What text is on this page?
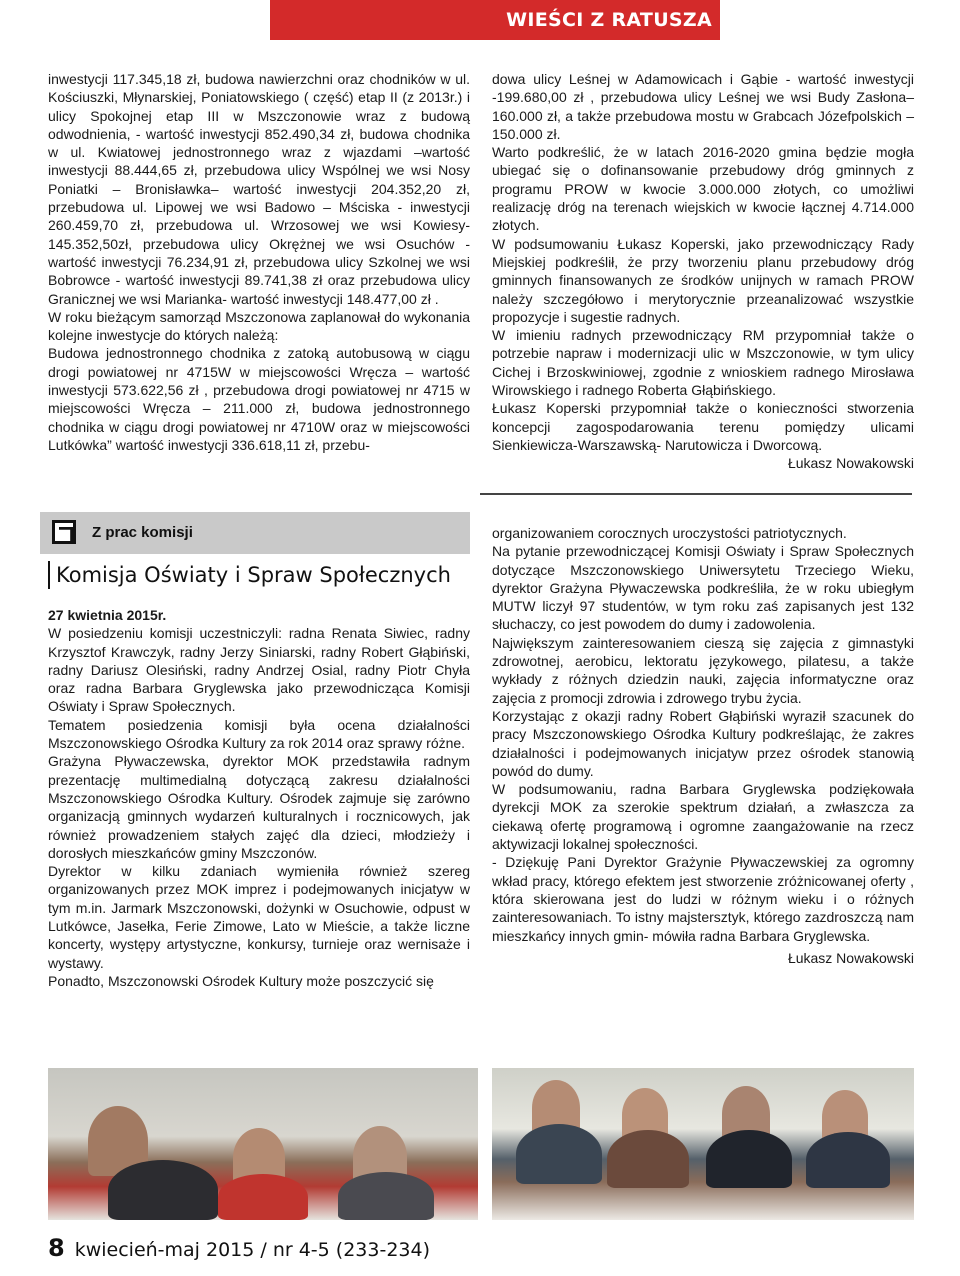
WIEŚCI Z RATUSZA

inwestycji 117.345,18 zł, budowa nawierzchni oraz chodników w ul. Kościuszki, Młynarskiej, Poniatowskiego ( część) etap II (z 2013r.) i ulicy Spokojnej etap III w Mszczonowie wraz z budową odwodnienia, - wartość inwestycji 852.490,34 zł, budowa chodnika w ul. Kwiatowej jednostronnego wraz z wjazdami –wartość inwestycji 88.444,65 zł, przebudowa ulicy Wspólnej we wsi Nosy Poniatki – Bronisławka– wartość inwestycji 204.352,20 zł, przebudowa ul. Lipowej we wsi Badowo – Mściska - inwestycji 260.459,70 zł, przebudowa ul. Wrzosowej we wsi Kowiesy-145.352,50zł, przebudowa ulicy Okrężnej we wsi Osuchów - wartość inwestycji 76.234,91 zł, przebudowa ulicy Szkolnej we wsi Bobrowce - wartość inwestycji 89.741,38 zł oraz przebudowa ulicy Granicznej we wsi Marianka- wartość inwestycji 148.477,00 zł .

W roku bieżącym samorząd Mszczonowa zaplanował do wykonania kolejne inwestycje do których należą:

Budowa jednostronnego chodnika z zatoką autobusową w ciągu drogi powiatowej nr 4715W w miejscowości Wręcza – wartość inwestycji 573.622,56 zł , przebudowa drogi powiatowej nr 4715 w miejscowości Wręcza – 211.000 zł, budowa jednostronnego chodnika w ciągu drogi powiatowej nr 4710W oraz w miejscowości Lutkówka” wartość inwestycji 336.618,11 zł, przebu-

dowa ulicy Leśnej w Adamowicach i Gąbie - wartość inwestycji -199.680,00 zł , przebudowa ulicy Leśnej we wsi Budy Zasłona– 160.000 zł, a także przebudowa mostu w Grabcach Józefpolskich – 150.000 zł.

Warto podkreślić, że w latach 2016-2020 gmina będzie mogła ubiegać się o dofinansowanie przebudowy dróg gminnych z programu PROW w kwocie 3.000.000 złotych, co umożliwi realizację dróg na terenach wiejskich w kwocie łącznej 4.714.000 złotych.

W podsumowaniu Łukasz Koperski, jako przewodniczący Rady Miejskiej podkreślił, że przy tworzeniu planu przebudowy dróg gminnych finansowanych ze środków unijnych w ramach PROW należy szczegółowo i merytorycznie przeanalizować wszystkie propozycje i sugestie radnych.

W imieniu radnych przewodniczący RM przypomniał także o potrzebie napraw i modernizacji ulic w Mszczonowie, w tym ulicy Cichej i Brzoskwiniowej, zgodnie z wnioskiem radnego Mirosława Wirowskiego i radnego Roberta Głąbińskiego.

Łukasz Koperski przypomniał także o konieczności stworzenia koncepcji zagospodarowania terenu pomiędzy ulicami Sienkiewicza-Warszawską- Narutowicza i Dworcową.

Łukasz Nowakowski

Z prac komisji
Komisja Oświaty i Spraw Społecznych

27 kwietnia 2015r.

W posiedzeniu komisji uczestniczyli: radna Renata Siwiec, radny Krzysztof Krawczyk, radny Jerzy Siniarski, radny Robert Głąbiński, radny Dariusz Olesiński, radny Andrzej Osial, radny Piotr Chyła oraz radna Barbara Gryglewska jako przewodnicząca Komisji Oświaty i Spraw Społecznych.

Tematem posiedzenia komisji była ocena działalności Mszczonowskiego Ośrodka Kultury za rok 2014 oraz sprawy różne.

Grażyna Pływaczewska, dyrektor MOK przedstawiła radnym prezentację multimedialną dotyczącą zakresu działalności Mszczonowskiego Ośrodka Kultury. Ośrodek zajmuje się zarówno organizacją gminnych wydarzeń kulturalnych i rocznicowych, jak również prowadzeniem stałych zajęć dla dzieci, młodzieży i dorosłych mieszkańców gminy Mszczonów.

Dyrektor w kilku zdaniach wymieniła również szereg organizowanych przez MOK imprez i podejmowanych inicjatyw w tym m.in. Jarmark Mszczonowski, dożynki w Osuchowie, odpust w Lutkówce, Jasełka, Ferie Zimowe, Lato w Mieście, a także liczne koncerty, występy artystyczne, konkursy, turnieje oraz wernisaże i wystawy.

Ponadto, Mszczonowski Ośrodek Kultury może poszczycić się

organizowaniem corocznych uroczystości patriotycznych.

Na pytanie przewodniczącej Komisji Oświaty i Spraw Społecznych dotyczące Mszczonowskiego Uniwersytetu Trzeciego Wieku, dyrektor Grażyna Pływaczewska podkreśliła, że w roku ubiegłym MUTW liczył 97 studentów, w tym roku zaś zapisanych jest 132 słuchaczy, co jest powodem do dumy i zadowolenia.

Największym zainteresowaniem cieszą się zajęcia z gimnastyki zdrowotnej, aerobicu, lektoratu językowego, pilatesu, a także wykłady z różnych dziedzin nauki, zajęcia informatyczne oraz zajęcia z promocji zdrowia i zdrowego trybu życia.

Korzystając z okazji radny Robert Głąbiński wyraził szacunek do pracy Mszczonowskiego Ośrodka Kultury podkreślając, że zakres działalności i podejmowanych inicjatyw przez ośrodek stanowią powód do dumy.

W podsumowaniu, radna Barbara Gryglewska podziękowała dyrekcji MOK za szerokie spektrum działań, a zwłaszcza za ciekawą ofertę programową i ogromne zaangażowanie na rzecz aktywizacji lokalnej społeczności.

- Dziękuję Pani Dyrektor Grażynie Pływaczewskiej za ogromny wkład pracy, którego efektem jest stworzenie zróżnicowanej oferty , która skierowana jest do ludzi w różnym wieku i o różnych zainteresowaniach. To istny majstersztyk, którego zazdroszczą nam mieszkańcy innych gmin- mówiła radna Barbara Gryglewska.

Łukasz Nowakowski

8 kwiecień-maj 2015 / nr 4-5 (233-234)
